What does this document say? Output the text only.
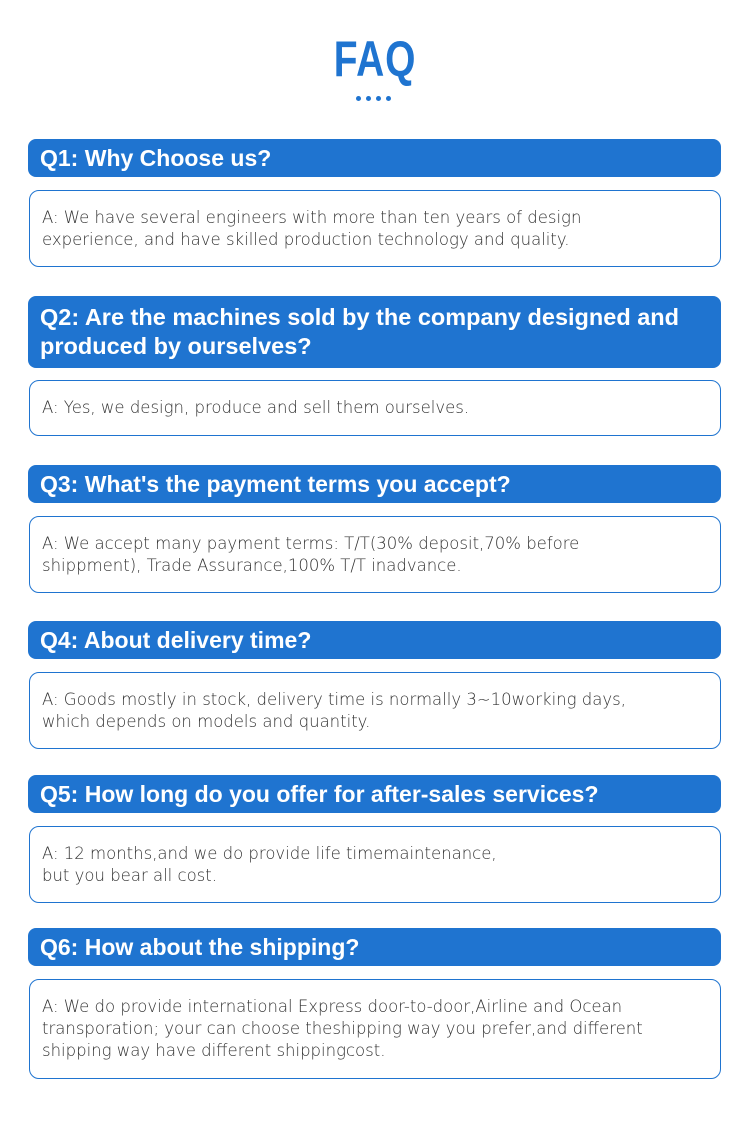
FAQ
Q1: Why Choose us?
A: We have several engineers with more than ten years of design
experience, and have skilled production technology and quality.
Q2: Are the machines sold by the company designed and produced by ourselves?
A: Yes, we design, produce and sell them ourselves.
Q3: What's the payment terms you accept?
A: We accept many payment terms: T/T(30% deposit,70% before
shippment), Trade Assurance,100% T/T inadvance.
Q4: About delivery time?
A: Goods mostly in stock, delivery time is normally 3~10working days,
which depends on models and quantity.
Q5: How long do you offer for after-sales services?
A: 12 months,and we do provide life timemaintenance,
but you bear all cost.
Q6: How about the shipping?
A: We do provide international Express door-to-door,Airline and Ocean
transporation; your can choose theshipping way you prefer,and different
shipping way have different shippingcost.
